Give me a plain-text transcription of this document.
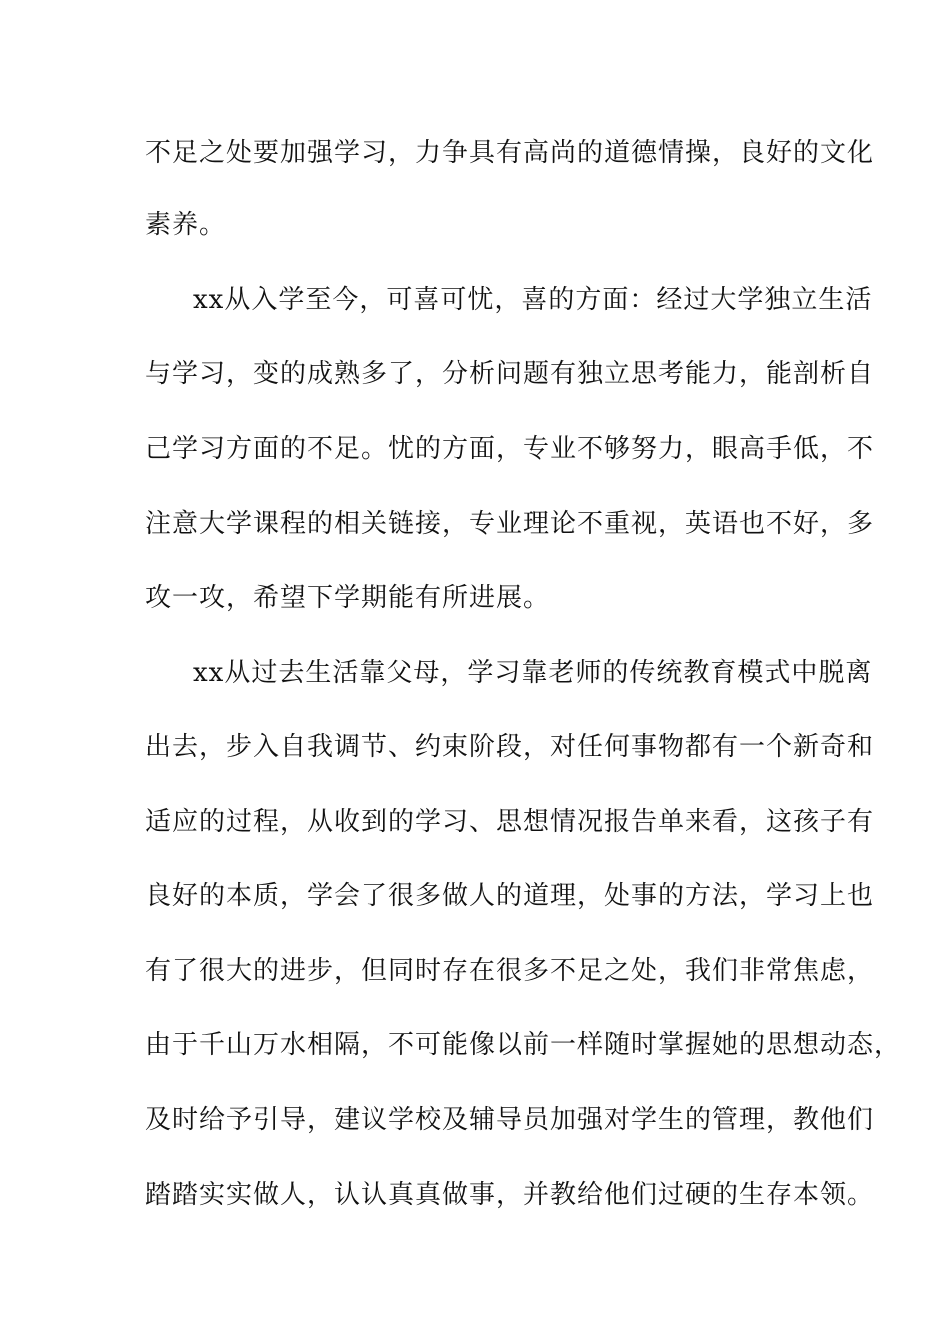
不足之处要加强学习，力争具有高尚的道德情操，良好的文化
素养。
xx从入学至今，可喜可忧，喜的方面：经过大学独立生活
与学习，变的成熟多了，分析问题有独立思考能力，能剖析自
己学习方面的不足。忧的方面，专业不够努力，眼高手低，不
注意大学课程的相关链接，专业理论不重视，英语也不好，多
攻一攻，希望下学期能有所进展。
xx从过去生活靠父母，学习靠老师的传统教育模式中脱离
出去，步入自我调节、约束阶段，对任何事物都有一个新奇和
适应的过程，从收到的学习、思想情况报告单来看，这孩子有
良好的本质，学会了很多做人的道理，处事的方法，学习上也
有了很大的进步，但同时存在很多不足之处，我们非常焦虑，
由于千山万水相隔，不可能像以前一样随时掌握她的思想动态，
及时给予引导，建议学校及辅导员加强对学生的管理，教他们
踏踏实实做人，认认真真做事，并教给他们过硬的生存本领。
